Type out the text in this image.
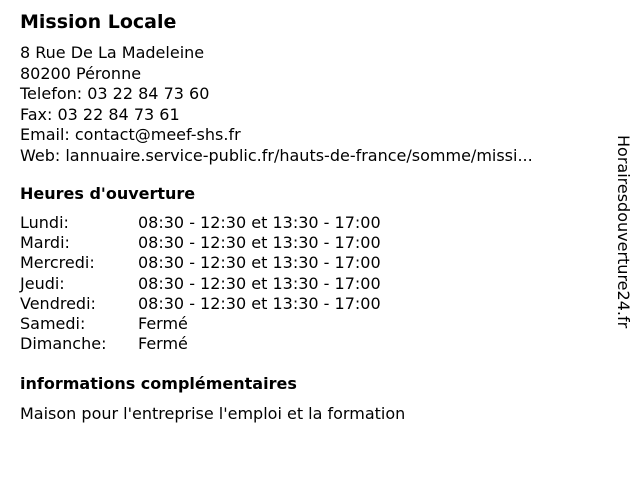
Mission Locale
8 Rue De La Madeleine
80200 Péronne
Telefon: 03 22 84 73 60
Fax: 03 22 84 73 61
Email: contact@meef-shs.fr
Web: lannuaire.service-public.fr/hauts-de-france/somme/missi...
Heures d'ouverture
Lundi:	08:30 - 12:30 et 13:30 - 17:00
Mardi:	08:30 - 12:30 et 13:30 - 17:00
Mercredi:	08:30 - 12:30 et 13:30 - 17:00
Jeudi:	08:30 - 12:30 et 13:30 - 17:00
Vendredi:	08:30 - 12:30 et 13:30 - 17:00
Samedi:	Fermé
Dimanche: Fermé
informations complémentaires
Maison pour l'entreprise l'emploi et la formation
Horairesdouverture24.fr
